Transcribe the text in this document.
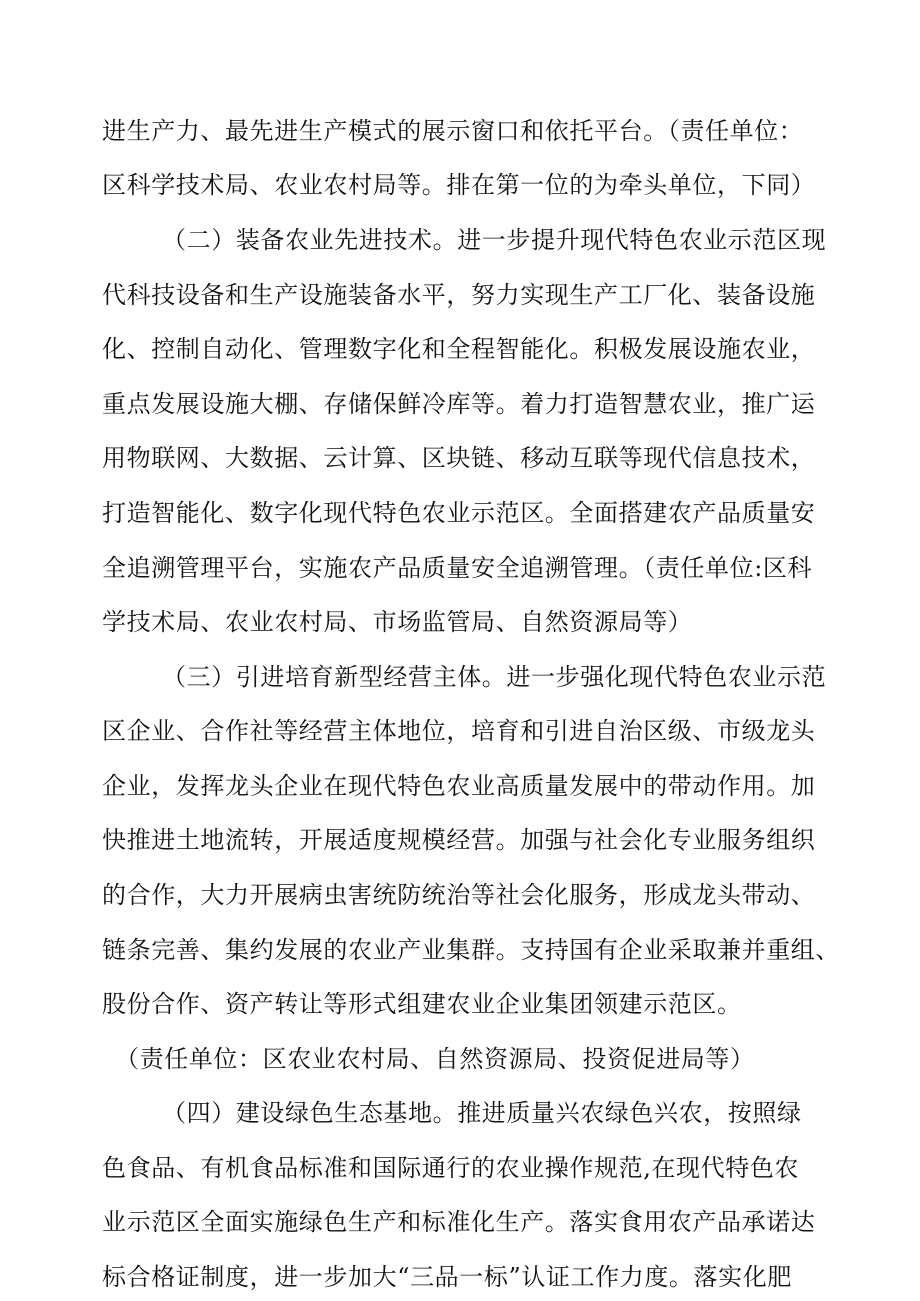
进生产力、最先进生产模式的展示窗口和依托平台。（责任单位：
区科学技术局、农业农村局等。排在第一位的为牵头单位，下同）
（二）装备农业先进技术。进一步提升现代特色农业示范区现
代科技设备和生产设施装备水平，努力实现生产工厂化、装备设施
化、控制自动化、管理数字化和全程智能化。积极发展设施农业，
重点发展设施大棚、存储保鲜冷库等。着力打造智慧农业，推广运
用物联网、大数据、云计算、区块链、移动互联等现代信息技术，
打造智能化、数字化现代特色农业示范区。全面搭建农产品质量安
全追溯管理平台，实施农产品质量安全追溯管理。（责任单位:区科
学技术局、农业农村局、市场监管局、自然资源局等）
（三）引进培育新型经营主体。进一步强化现代特色农业示范
区企业、合作社等经营主体地位，培育和引进自治区级、市级龙头
企业，发挥龙头企业在现代特色农业高质量发展中的带动作用。加
快推进土地流转，开展适度规模经营。加强与社会化专业服务组织
的合作，大力开展病虫害统防统治等社会化服务，形成龙头带动、
链条完善、集约发展的农业产业集群。支持国有企业采取兼并重组、
股份合作、资产转让等形式组建农业企业集团领建示范区。
（责任单位：区农业农村局、自然资源局、投资促进局等）
（四）建设绿色生态基地。推进质量兴农绿色兴农，按照绿
色食品、有机食品标准和国际通行的农业操作规范,在现代特色农
业示范区全面实施绿色生产和标准化生产。落实食用农产品承诺达
标合格证制度，进一步加大“三品一标”认证工作力度。落实化肥
